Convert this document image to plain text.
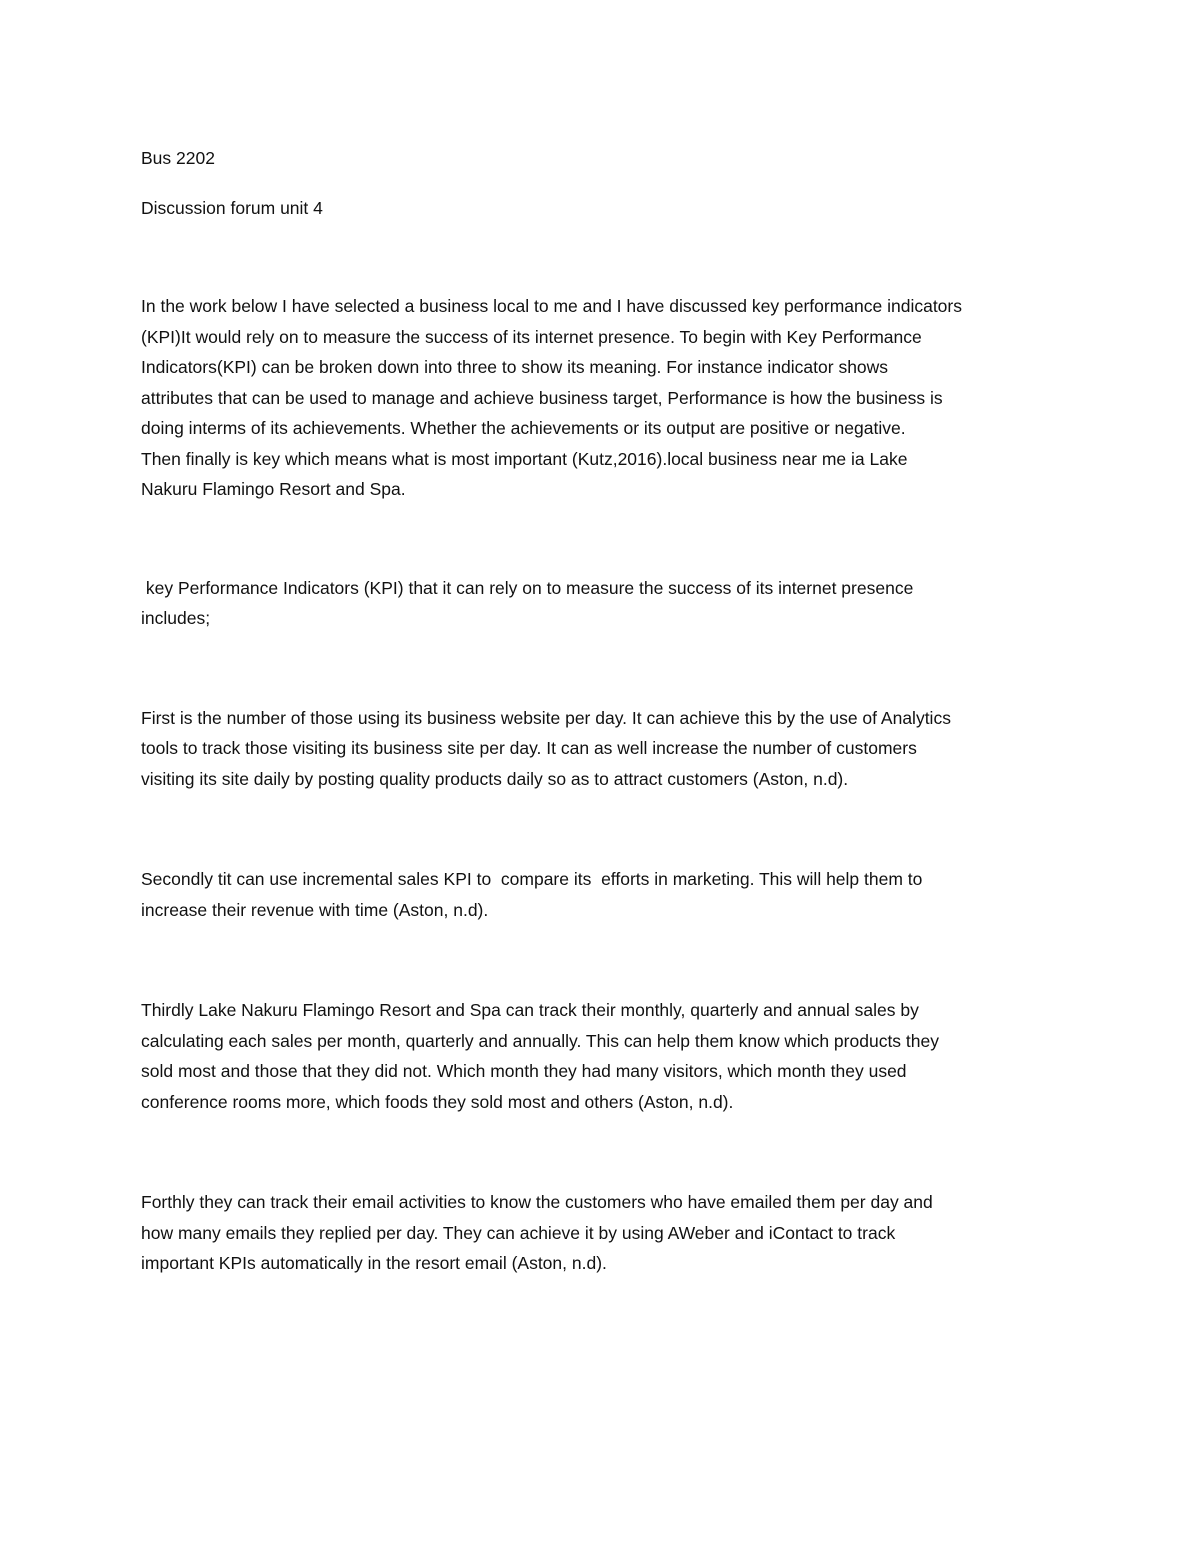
Bus 2202

Discussion forum unit 4

In the work below I have selected a business local to me and I have discussed key performance indicators
(KPI)It would rely on to measure the success of its internet presence. To begin with Key Performance
Indicators(KPI) can be broken down into three to show its meaning. For instance indicator shows
attributes that can be used to manage and achieve business target, Performance is how the business is
doing interms of its achievements. Whether the achievements or its output are positive or negative.
Then finally is key which means what is most important (Kutz,2016).local business near me ia Lake
Nakuru Flamingo Resort and Spa.

key Performance Indicators (KPI) that it can rely on to measure the success of its internet presence
includes;

First is the number of those using its business website per day. It can achieve this by the use of Analytics
tools to track those visiting its business site per day. It can as well increase the number of customers
visiting its site daily by posting quality products daily so as to attract customers (Aston, n.d).

Secondly tit can use incremental sales KPI to  compare its  efforts in marketing. This will help them to
increase their revenue with time (Aston, n.d).

Thirdly Lake Nakuru Flamingo Resort and Spa can track their monthly, quarterly and annual sales by
calculating each sales per month, quarterly and annually. This can help them know which products they
sold most and those that they did not. Which month they had many visitors, which month they used
conference rooms more, which foods they sold most and others (Aston, n.d).

Forthly they can track their email activities to know the customers who have emailed them per day and
how many emails they replied per day. They can achieve it by using AWeber and iContact to track
important KPIs automatically in the resort email (Aston, n.d).
